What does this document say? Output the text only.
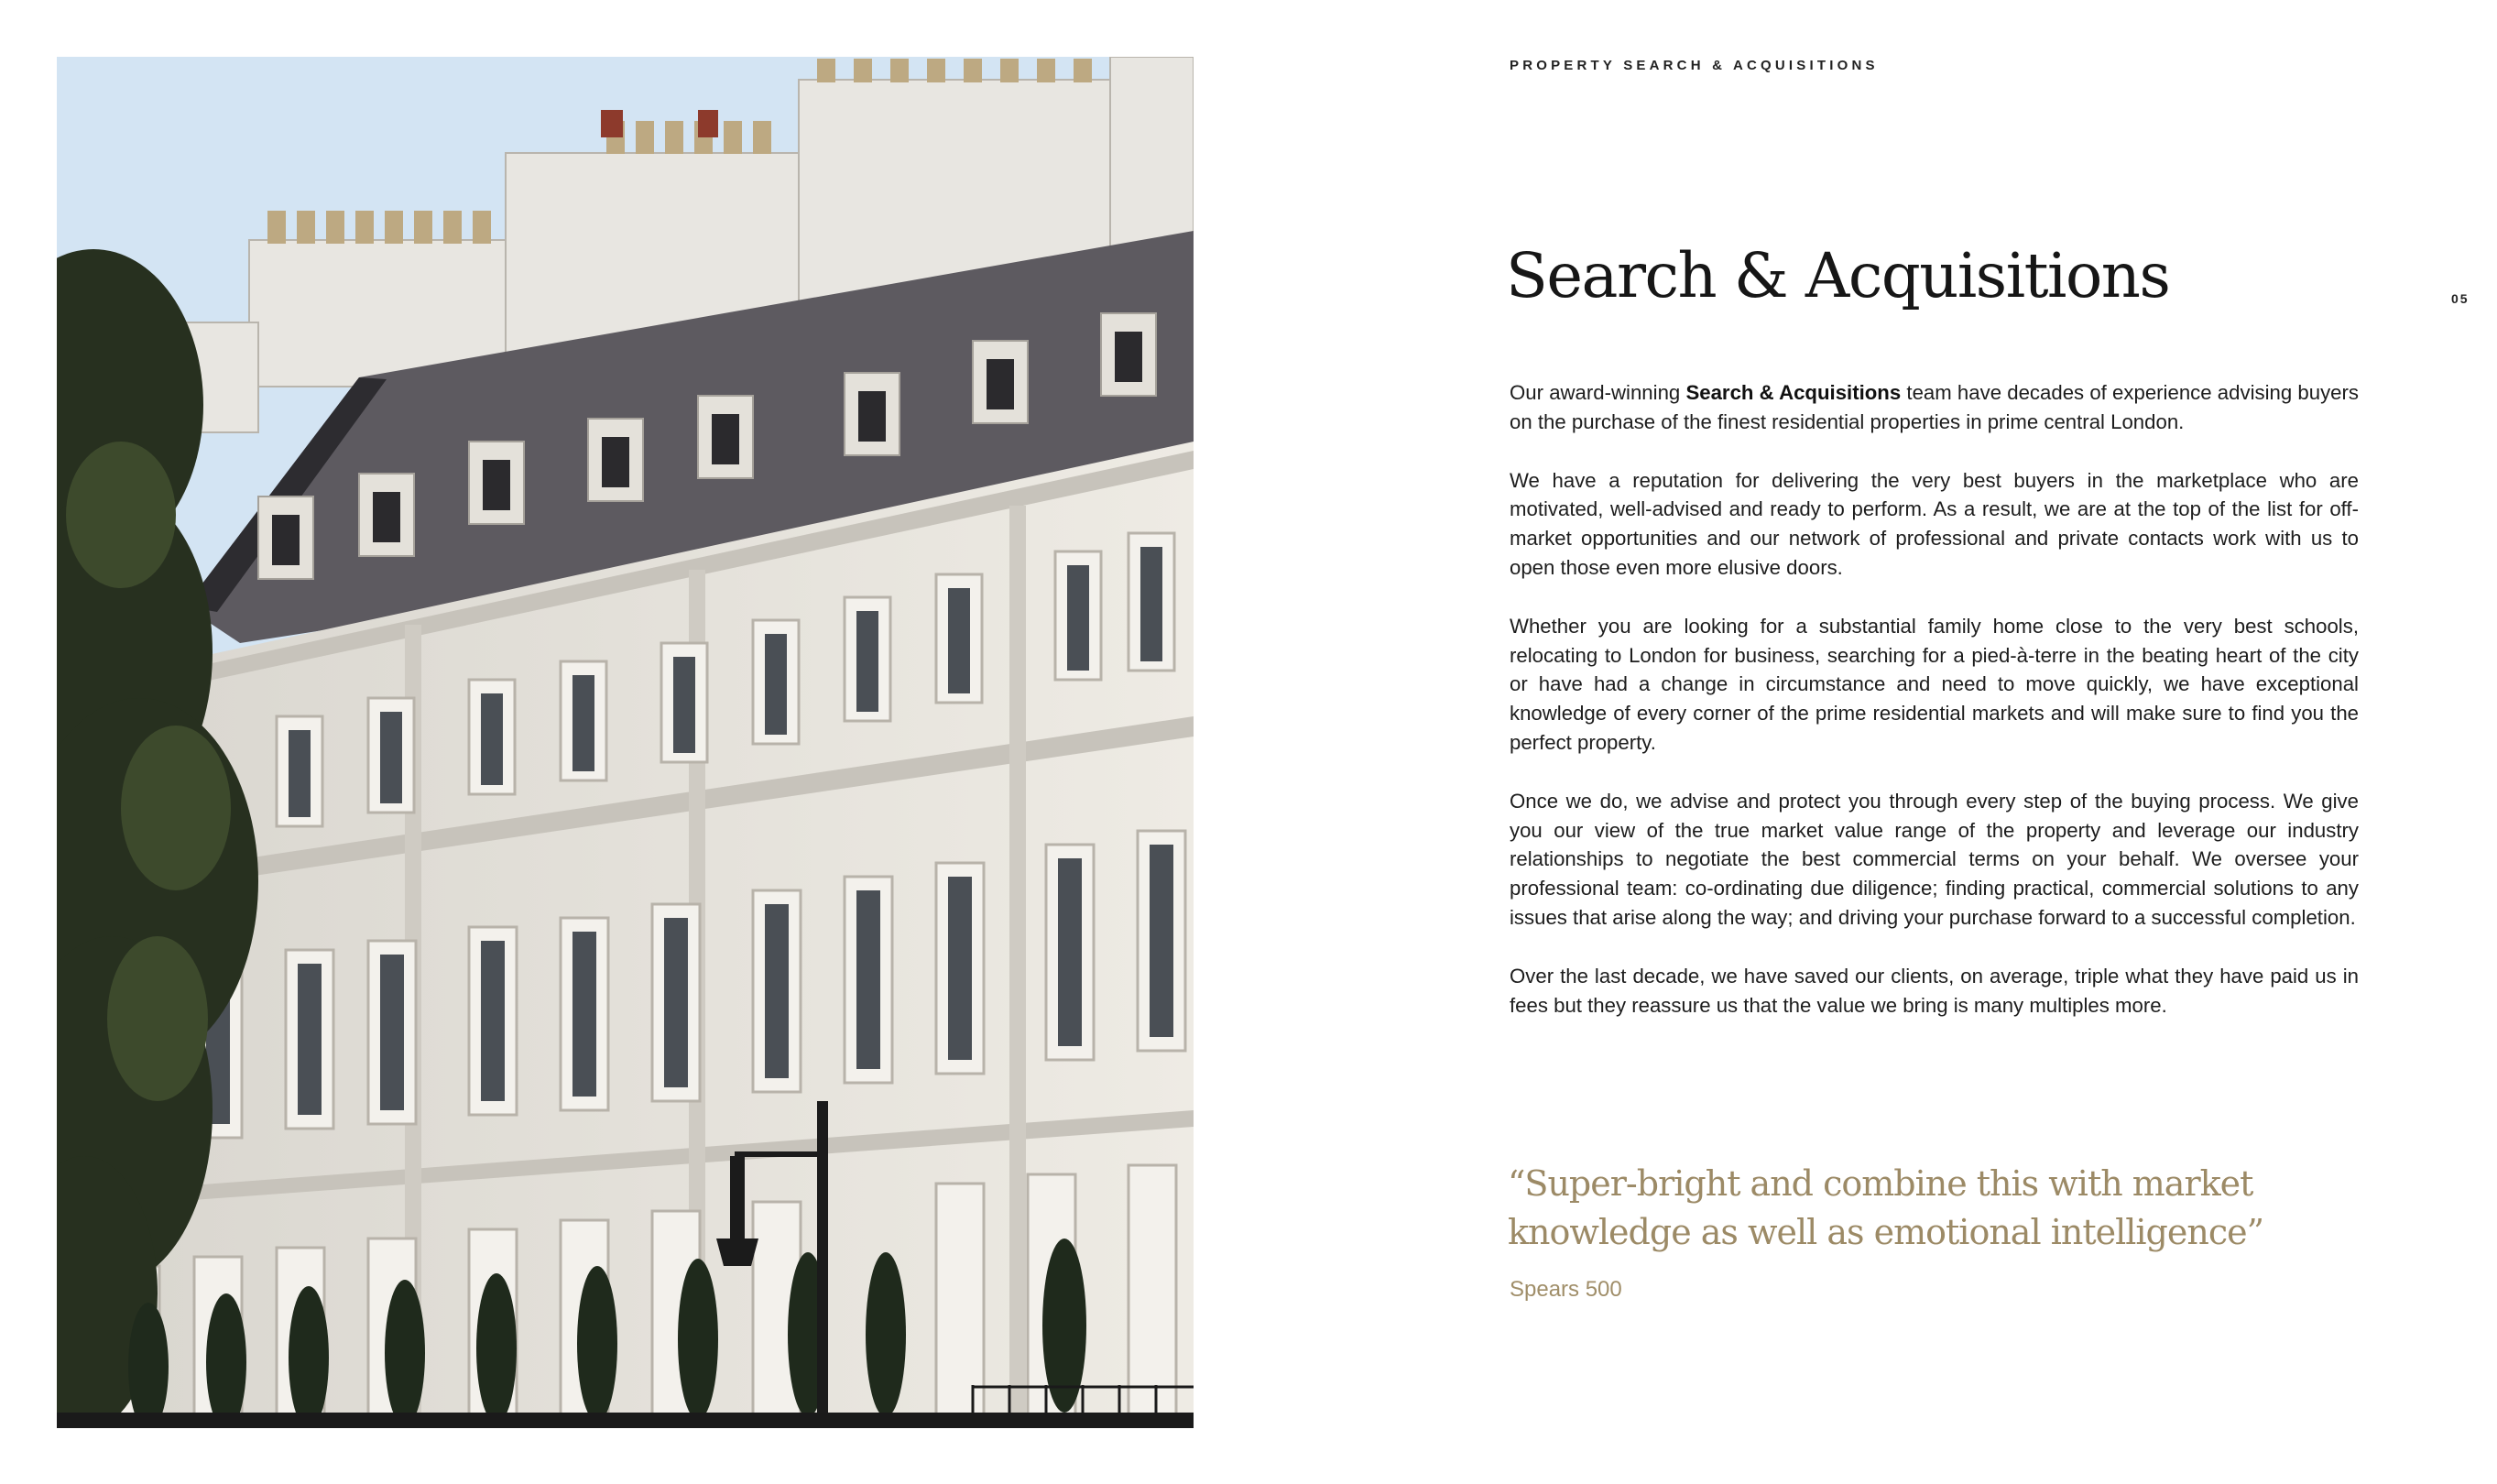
PROPERTY SEARCH & ACQUISITIONS
Search & Acquisitions	05

Our award-winning Search & Acquisitions team have decades of experience advising buyers on the purchase of the finest residential properties in prime central London.

We have a reputation for delivering the very best buyers in the marketplace who are motivated, well-advised and ready to perform. As a result, we are at the top of the list for off-market opportunities and our network of professional and private contacts work with us to open those even more elusive doors.

Whether you are looking for a substantial family home close to the very best schools, relocating to London for business, searching for a pied-à-terre in the beating heart of the city or have had a change in circumstance and need to move quickly, we have exceptional knowledge of every corner of the prime residential markets and will make sure to find you the perfect property.

Once we do, we advise and protect you through every step of the buying process. We give you our view of the true market value range of the property and leverage our industry relationships to negotiate the best commercial terms on your behalf. We oversee your professional team: co-ordinating due diligence; finding practical, commercial solutions to any issues that arise along the way; and driving your purchase forward to a successful completion.

Over the last decade, we have saved our clients, on average, triple what they have paid us in fees but they reassure us that the value we bring is many multiples more.

“Super-bright and combine this with market knowledge as well as emotional intelligence”
Spears 500
